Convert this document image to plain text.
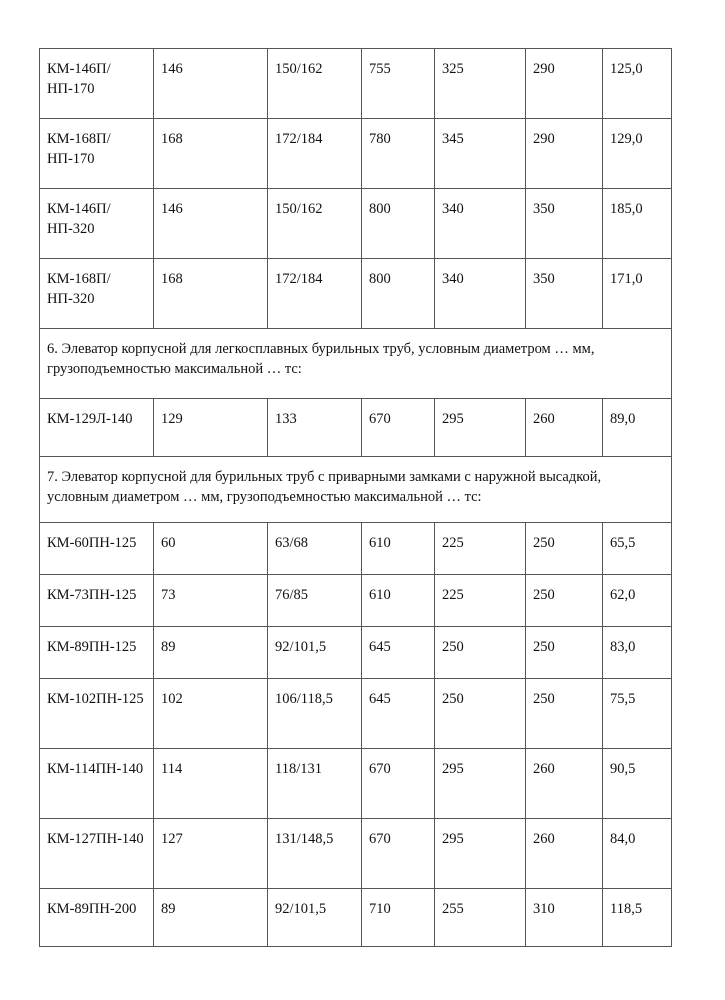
КМ-146П/НП-170	146	150/162	755	325	290	125,0
КМ-168П/НП-170	168	172/184	780	345	290	129,0
КМ-146П/НП-320	146	150/162	800	340	350	185,0
КМ-168П/НП-320	168	172/184	800	340	350	171,0
6. Элеватор корпусной для легкосплавных бурильных труб, условным диаметром … мм, грузоподъемностью максимальной … тс:						
КМ-129Л-140	129	133	670	295	260	89,0
7. Элеватор корпусной для бурильных труб с приварными замками с наружной высадкой, условным диаметром … мм, грузоподъемностью максимальной … тс:						
КМ-60ПН-125	60	63/68	610	225	250	65,5
КМ-73ПН-125	73	76/85	610	225	250	62,0
КМ-89ПН-125	89	92/101,5	645	250	250	83,0
КМ-102ПН-125	102	106/118,5	645	250	250	75,5
КМ-114ПН-140	114	118/131	670	295	260	90,5
КМ-127ПН-140	127	131/148,5	670	295	260	84,0
КМ-89ПН-200	89	92/101,5	710	255	310	118,5
